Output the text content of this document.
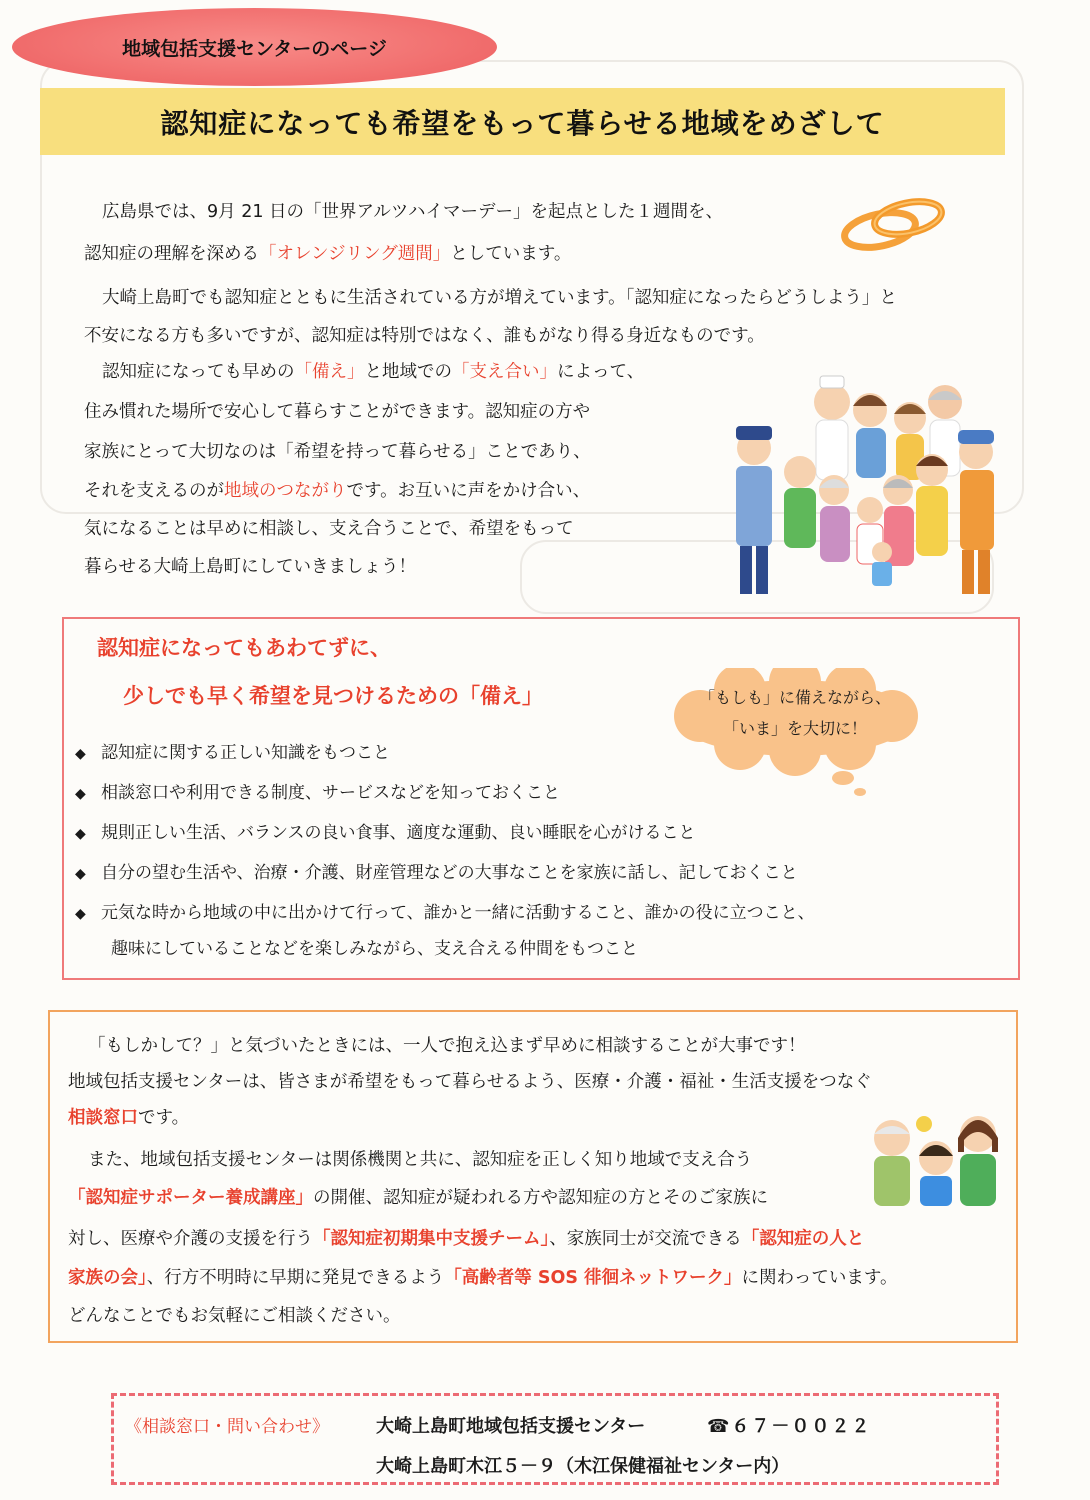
地域包括支援センターのページ
認知症になっても希望をもって暮らせる地域をめざして
広島県では、9月 21 日の「世界アルツハイマーデー」を起点とした１週間を、
認知症の理解を深める「オレンジリング週間」としています。
大崎上島町でも認知症とともに生活されている方が増えています。「認知症になったらどうしよう」と
不安になる方も多いですが、認知症は特別ではなく、誰もがなり得る身近なものです。
認知症になっても早めの「備え」と地域での「支え合い」によって、
住み慣れた場所で安心して暮らすことができます。認知症の方や
家族にとって大切なのは「希望を持って暮らせる」ことであり、
それを支えるのが地域のつながりです。お互いに声をかけ合い、
気になることは早めに相談し、支え合うことで、希望をもって
暮らせる大崎上島町にしていきましょう！
認知症になってもあわてずに、
少しでも早く希望を見つけるための「備え」	「もしも」に備えながら、
「いま」を大切に！
◆ 認知症に関する正しい知識をもつこと
◆ 相談窓口や利用できる制度、サービスなどを知っておくこと
◆ 規則正しい生活、バランスの良い食事、適度な運動、良い睡眠を心がけること
◆ 自分の望む生活や、治療・介護、財産管理などの大事なことを家族に話し、記しておくこと
◆ 元気な時から地域の中に出かけて行って、誰かと一緒に活動すること、誰かの役に立つこと、
趣味にしていることなどを楽しみながら、支え合える仲間をもつこと
「もしかして？」と気づいたときには、一人で抱え込まず早めに相談することが大事です！
地域包括支援センターは、皆さまが希望をもって暮らせるよう、医療・介護・福祉・生活支援をつなぐ
相談窓口です。
また、地域包括支援センターは関係機関と共に、認知症を正しく知り地域で支え合う
「認知症サポーター養成講座」の開催、認知症が疑われる方や認知症の方とそのご家族に
対し、医療や介護の支援を行う「認知症初期集中支援チーム」、家族同士が交流できる「認知症の人と
家族の会」、行方不明時に早期に発見できるよう「高齢者等 SOS 徘徊ネットワーク」に関わっています。
どんなことでもお気軽にご相談ください。
《相談窓口・問い合わせ》	大崎上島町地域包括支援センター	☎６７－００２２
大崎上島町木江５－９（木江保健福祉センター内）
